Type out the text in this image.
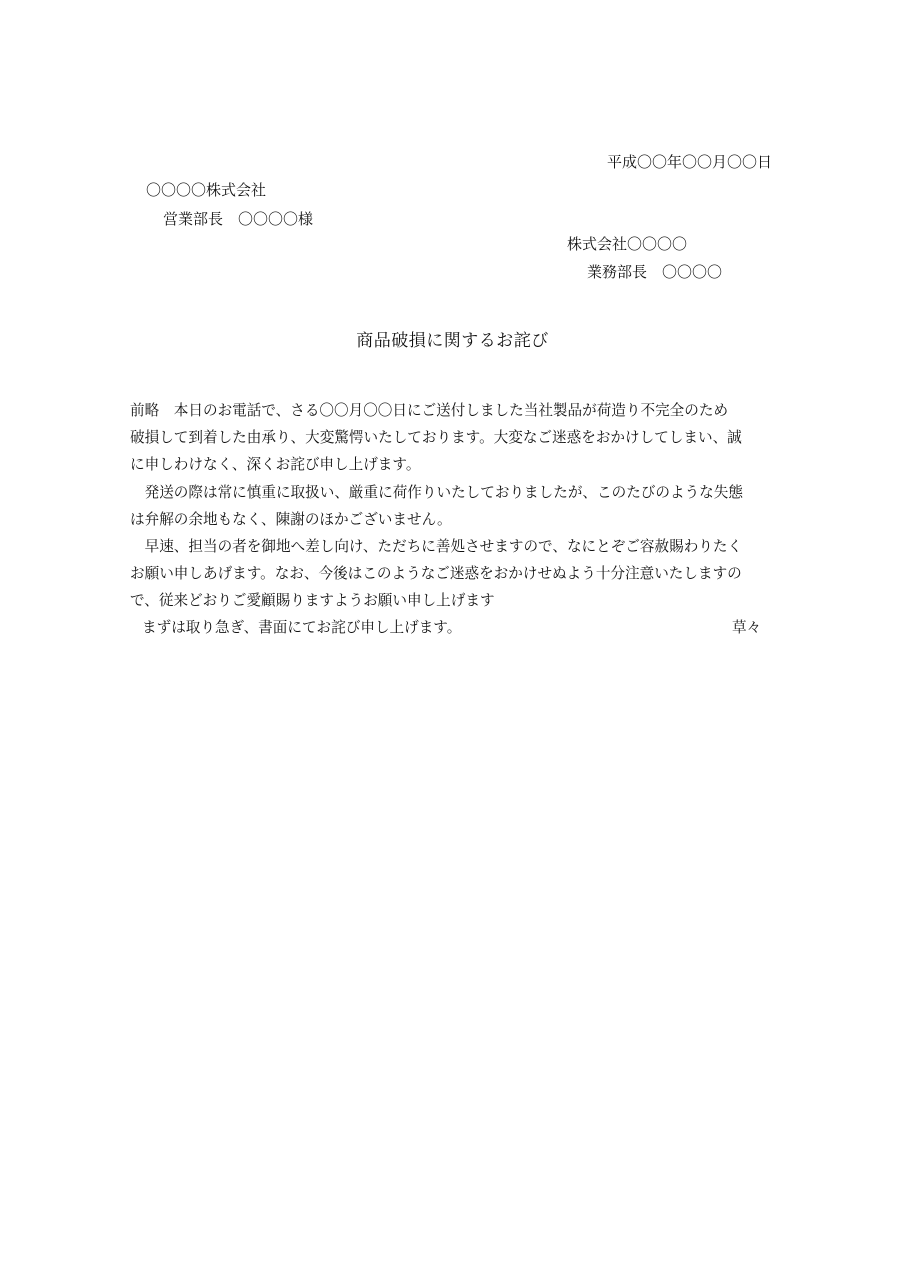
平成〇〇年〇〇月〇〇日
〇〇〇〇株式会社
営業部長　〇〇〇〇様
株式会社〇〇〇〇
業務部長　〇〇〇〇
商品破損に関するお詫び
前略　本日のお電話で、さる〇〇月〇〇日にご送付しました当社製品が荷造り不完全のため
破損して到着した由承り、大変驚愕いたしております。大変なご迷惑をおかけしてしまい、誠
に申しわけなく、深くお詫び申し上げます。
　発送の際は常に慎重に取扱い、厳重に荷作りいたしておりましたが、このたびのような失態
は弁解の余地もなく、陳謝のほかございません。
　早速、担当の者を御地へ差し向け、ただちに善処させますので、なにとぞご容赦賜わりたく
お願い申しあげます。なお、今後はこのようなご迷惑をおかけせぬよう十分注意いたしますの
で、従来どおりご愛顧賜りますようお願い申し上げます
まずは取り急ぎ、書面にてお詫び申し上げます。	草々
